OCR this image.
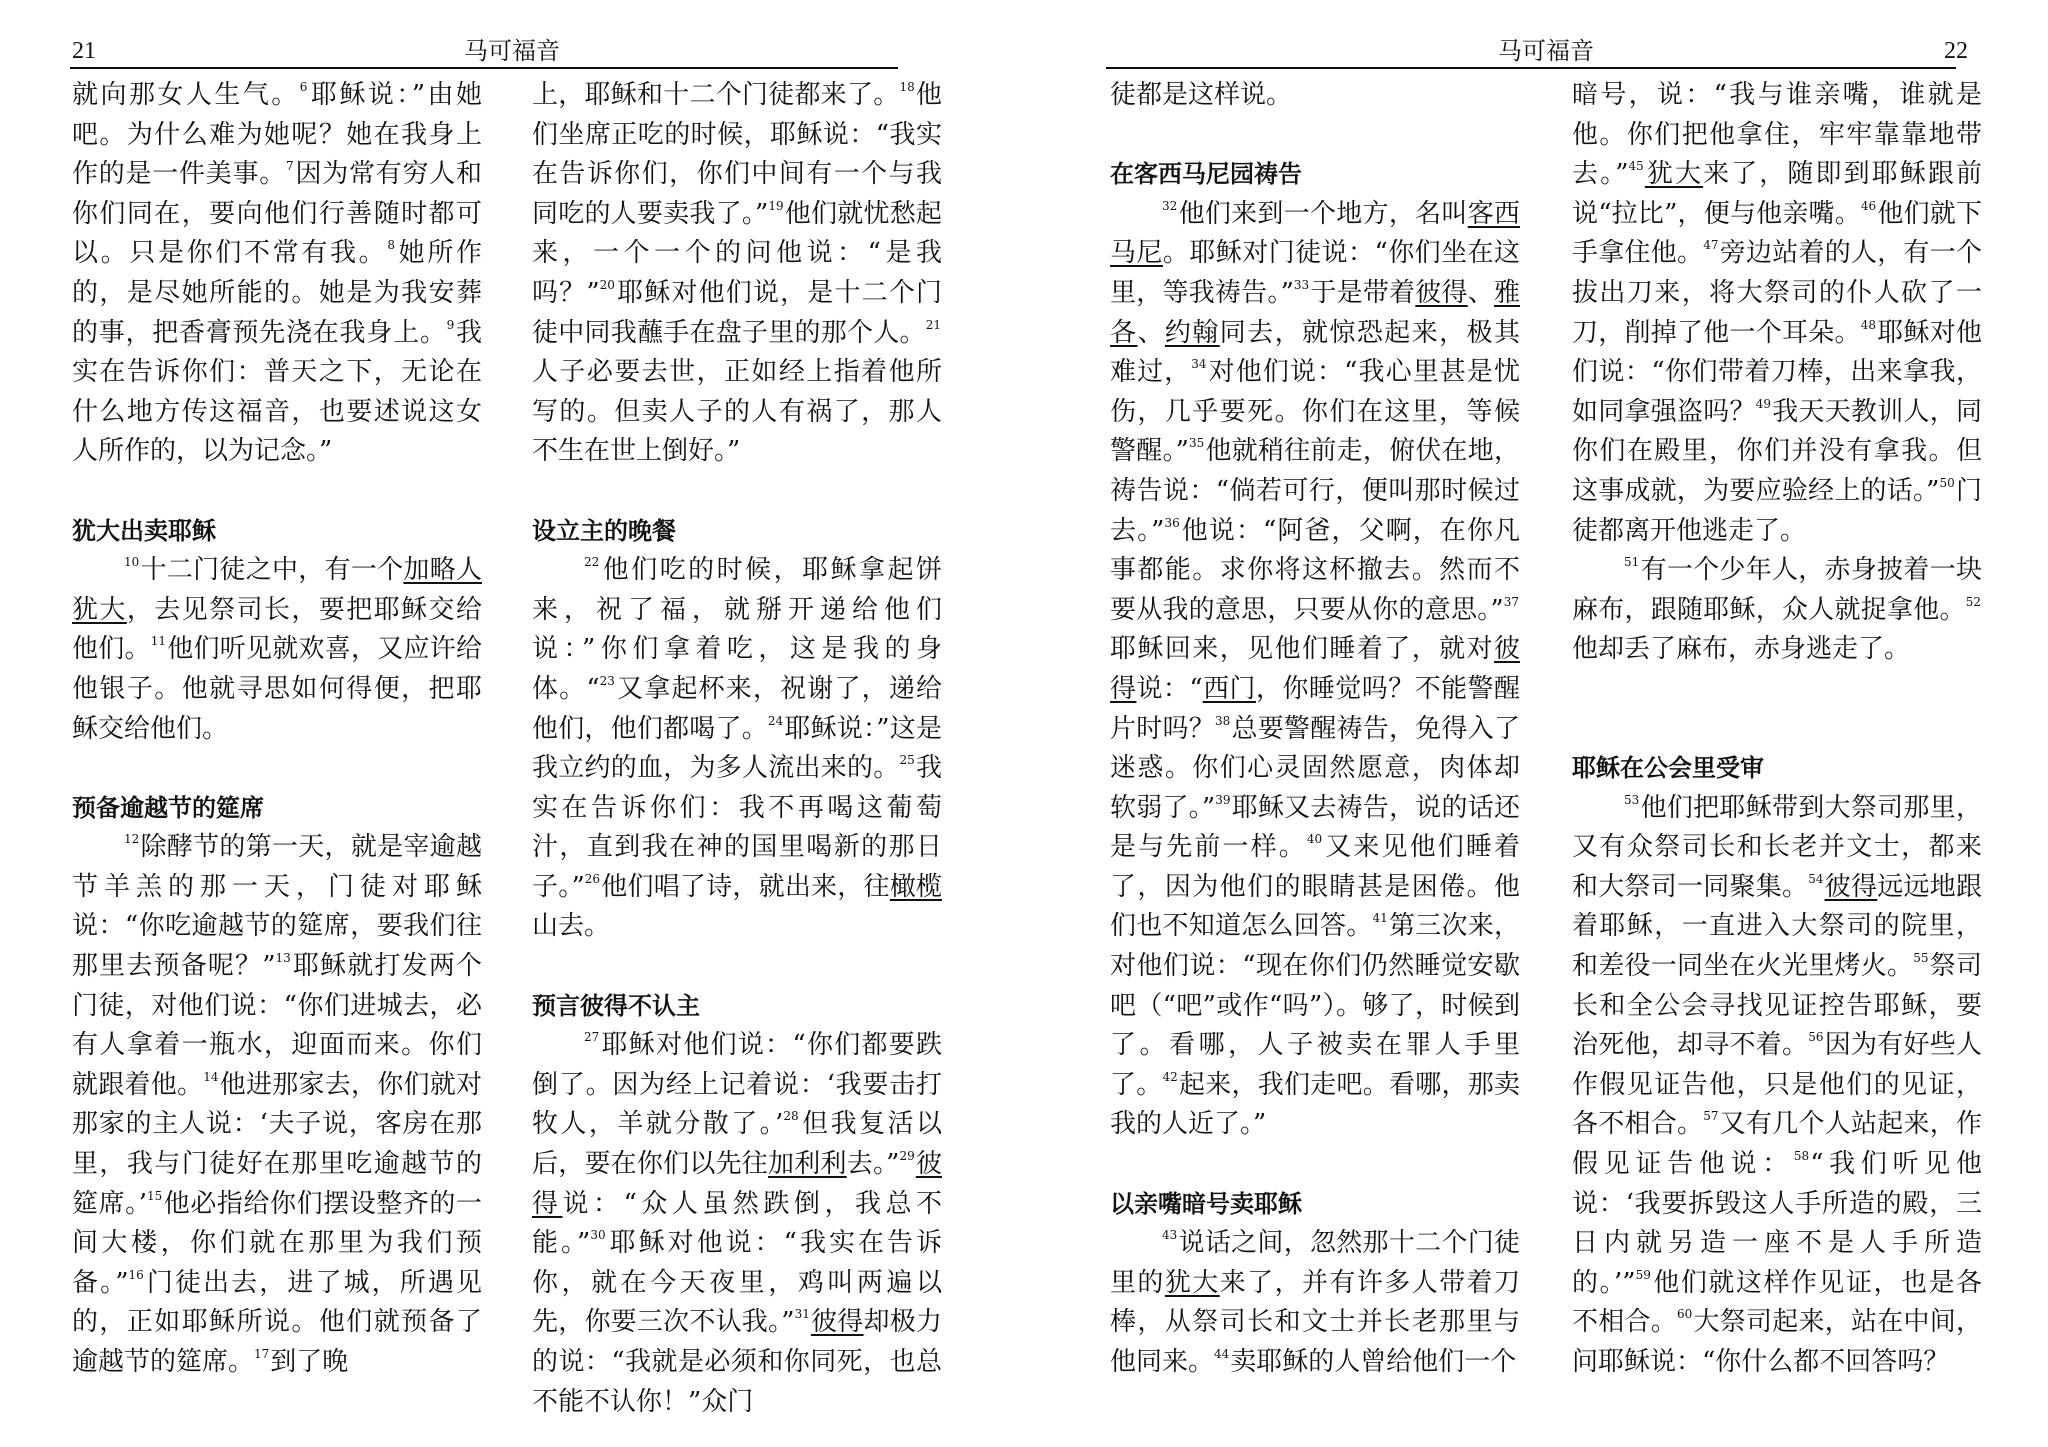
21	马可福音

就向那女人生气。$^6$耶稣说：”由她吧。为什么难为她呢？她在我身上作的是一件美事。$^7$因为常有穷人和你们同在，要向他们行善随时都可以。只是你们不常有我。$^8$她所作的，是尽她所能的。她是为我安葬的事，把香膏预先浇在我身上。$^9$我实在告诉你们：普天之下，无论在什么地方传这福音，也要述说这女人所作的，以为记念。”

犹大出卖耶稣

$^{10}$十二门徒之中，有一个加略人犹大，去见祭司长，要把耶稣交给他们。$^{11}$他们听见就欢喜，又应许给他银子。他就寻思如何得便，把耶稣交给他们。

预备逾越节的筵席

$^{12}$除酵节的第一天，就是宰逾越节羊羔的那一天，门徒对耶稣说：“你吃逾越节的筵席，要我们往那里去预备呢？”$^{13}$耶稣就打发两个门徒，对他们说：“你们进城去，必有人拿着一瓶水，迎面而来。你们就跟着他。$^{14}$他进那家去，你们就对那家的主人说：‘夫子说，客房在那里，我与门徒好在那里吃逾越节的筵席。’$^{15}$他必指给你们摆设整齐的一间大楼，你们就在那里为我们预备。”$^{16}$门徒出去，进了城，所遇见的，正如耶稣所说。他们就预备了逾越节的筵席。$^{17}$到了晚

上，耶稣和十二个门徒都来了。$^{18}$他们坐席正吃的时候，耶稣说：“我实在告诉你们，你们中间有一个与我同吃的人要卖我了。”$^{19}$他们就忧愁起来，一个一个的问他说：“是我吗？”$^{20}$耶稣对他们说，是十二个门徒中同我蘸手在盘子里的那个人。$^{21}$人子必要去世，正如经上指着他所写的。但卖人子的人有祸了，那人不生在世上倒好。”

设立主的晚餐

$^{22}$他们吃的时候，耶稣拿起饼来，祝了福，就掰开递给他们说：”你们拿着吃，这是我的身体。“$^{23}$又拿起杯来，祝谢了，递给他们，他们都喝了。$^{24}$耶稣说：”这是我立约的血，为多人流出来的。$^{25}$我实在告诉你们：我不再喝这葡萄汁，直到我在神的国里喝新的那日子。”$^{26}$他们唱了诗，就出来，往橄榄山去。

预言彼得不认主

$^{27}$耶稣对他们说：“你们都要跌倒了。因为经上记着说：‘我要击打牧人，羊就分散了。’$^{28}$但我复活以后，要在你们以先往加利利去。”$^{29}$彼得说：“众人虽然跌倒，我总不能。”$^{30}$耶稣对他说：“我实在告诉你，就在今天夜里，鸡叫两遍以先，你要三次不认我。”$^{31}$彼得却极力的说：“我就是必须和你同死，也总不能不认你！”众门

22
马可福音

徒都是这样说。

在客西马尼园祷告

$^{32}$他们来到一个地方，名叫客西马尼。耶稣对门徒说：“你们坐在这里，等我祷告。”$^{33}$于是带着彼得、雅各、约翰同去，就惊恐起来，极其难过，$^{34}$对他们说：“我心里甚是忧伤，几乎要死。你们在这里，等候警醒。”$^{35}$他就稍往前走，俯伏在地，祷告说：“倘若可行，便叫那时候过去。”$^{36}$他说：“阿爸，父啊，在你凡事都能。求你将这杯撤去。然而不要从我的意思，只要从你的意思。”$^{37}$耶稣回来，见他们睡着了，就对彼得说：“西门，你睡觉吗？不能警醒片时吗？$^{38}$总要警醒祷告，免得入了迷惑。你们心灵固然愿意，肉体却软弱了。”$^{39}$耶稣又去祷告，说的话还是与先前一样。$^{40}$又来见他们睡着了，因为他们的眼睛甚是困倦。他们也不知道怎么回答。$^{41}$第三次来，对他们说：“现在你们仍然睡觉安歇吧（“吧”或作“吗”）。够了，时候到了。看哪，人子被卖在罪人手里了。$^{42}$起来，我们走吧。看哪，那卖我的人近了。”

以亲嘴暗号卖耶稣

$^{43}$说话之间，忽然那十二个门徒里的犹大来了，并有许多人带着刀棒，从祭司长和文士并长老那里与他同来。$^{44}$卖耶稣的人曾给他们一个

暗号，说：“我与谁亲嘴，谁就是他。你们把他拿住，牢牢靠靠地带去。”$^{45}$犹大来了，随即到耶稣跟前说“拉比”，便与他亲嘴。$^{46}$他们就下手拿住他。$^{47}$旁边站着的人，有一个拔出刀来，将大祭司的仆人砍了一刀，削掉了他一个耳朵。$^{48}$耶稣对他们说：“你们带着刀棒，出来拿我，如同拿强盗吗？$^{49}$我天天教训人，同你们在殿里，你们并没有拿我。但这事成就，为要应验经上的话。”$^{50}$门徒都离开他逃走了。

$^{51}$有一个少年人，赤身披着一块麻布，跟随耶稣，众人就捉拿他。$^{52}$他却丢了麻布，赤身逃走了。

耶稣在公会里受审

$^{53}$他们把耶稣带到大祭司那里，又有众祭司长和长老并文士，都来和大祭司一同聚集。$^{54}$彼得远远地跟着耶稣，一直进入大祭司的院里，和差役一同坐在火光里烤火。$^{55}$祭司长和全公会寻找见证控告耶稣，要治死他，却寻不着。$^{56}$因为有好些人作假见证告他，只是他们的见证，各不相合。$^{57}$又有几个人站起来，作假见证告他说：$^{58}$“我们听见他说：‘我要拆毁这人手所造的殿，三日内就另造一座不是人手所造的。’”$^{59}$他们就这样作见证，也是各不相合。$^{60}$大祭司起来，站在中间，问耶稣说：“你什么都不回答吗？
